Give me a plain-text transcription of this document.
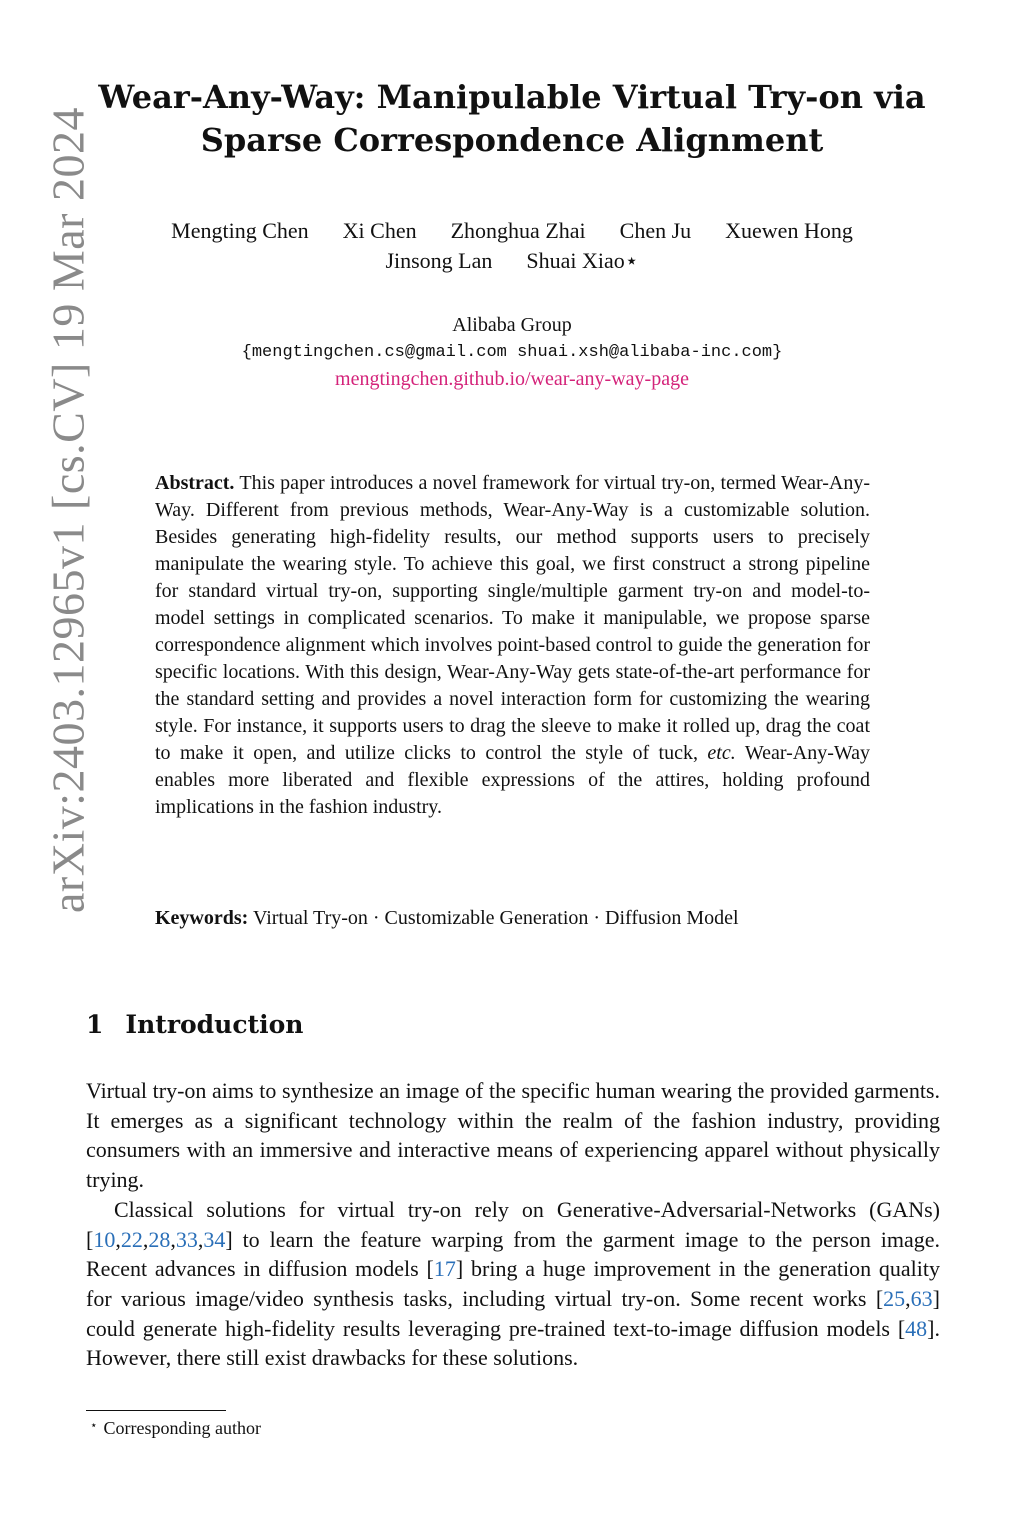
arXiv:2403.12965v1 [cs.CV] 19 Mar 2024
Wear-Any-Way: Manipulable Virtual Try-on via
Sparse Correspondence Alignment
Mengting Chen Xi Chen Zhonghua Zhai Chen Ju Xuewen Hong
Jinsong Lan Shuai Xiao⋆
Alibaba Group
{mengtingchen.cs@gmail.com shuai.xsh@alibaba-inc.com}
mengtingchen.github.io/wear-any-way-page
Abstract. This paper introduces a novel framework for virtual try-on, termed Wear-Any-Way. Different from previous methods, Wear-Any-Way is a customizable solution. Besides generating high-fidelity results, our method supports users to precisely manipulate the wearing style. To achieve this goal, we first construct a strong pipeline for standard virtual try-on, supporting single/multiple garment try-on and model-to-model settings in complicated scenarios. To make it manipulable, we propose sparse correspondence alignment which involves point-based control to guide the generation for specific locations. With this design, Wear-Any-Way gets state-of-the-art performance for the standard setting and provides a novel interaction form for customizing the wearing style. For instance, it supports users to drag the sleeve to make it rolled up, drag the coat to make it open, and utilize clicks to control the style of tuck, etc. Wear-Any-Way enables more liberated and flexible expressions of the attires, holding profound implications in the fashion industry.
Keywords: Virtual Try-on · Customizable Generation · Diffusion Model
1 Introduction

Virtual try-on aims to synthesize an image of the specific human wearing the provided garments. It emerges as a significant technology within the realm of the fashion industry, providing consumers with an immersive and interactive means of experiencing apparel without physically trying.

Classical solutions for virtual try-on rely on Generative-Adversarial-Networks (GANs) [10,22,28,33,34] to learn the feature warping from the garment image to the person image. Recent advances in diffusion models [17] bring a huge improvement in the generation quality for various image/video synthesis tasks, including virtual try-on. Some recent works [25,63] could generate high-fidelity results leveraging pre-trained text-to-image diffusion models [48]. However, there still exist drawbacks for these solutions.

⋆ Corresponding author
